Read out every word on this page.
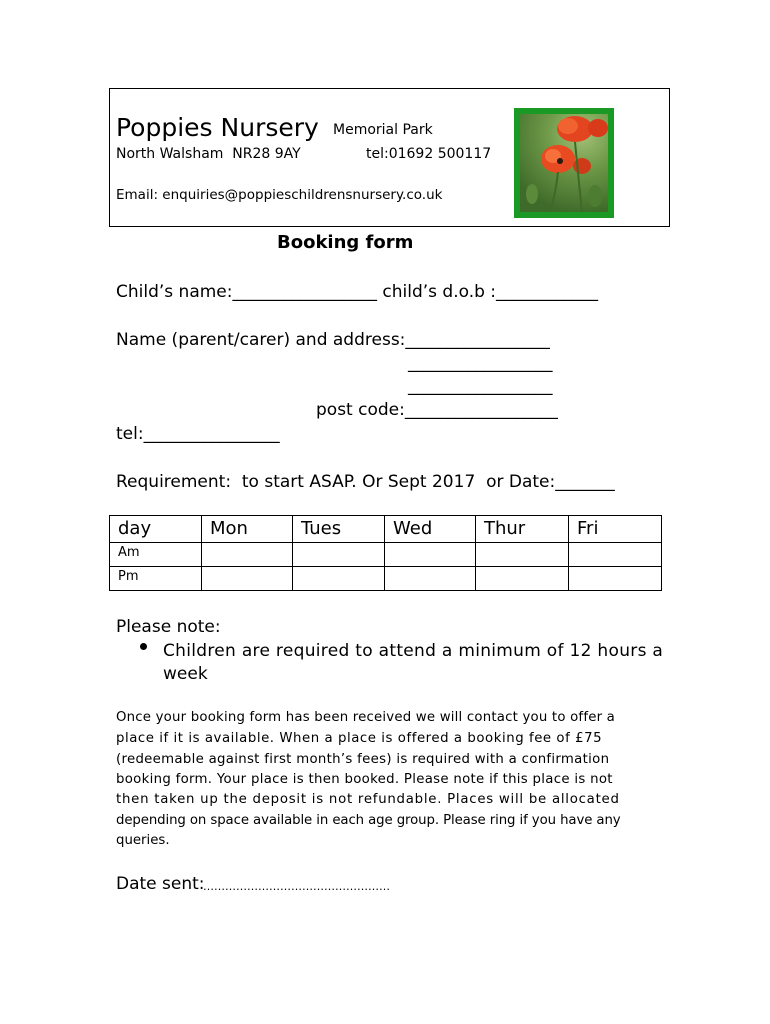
Poppies Nursery Memorial Park
North Walsham  NR28 9AY	tel:01692 500117
Email: enquiries@poppieschildrensnursery.co.uk
Booking form
Child’s name:_________________ child’s d.o.b :____________
Name (parent/carer) and address:_________________
_________________
_________________
post code:__________________
tel:________________
Requirement:  to start ASAP. Or Sept 2017  or Date:_______
day	Mon	Tues	Wed	Thur	Fri
Am					
Pm					
Please note:
Children are required to attend a minimum of 12 hours a
week
Once your booking form has been received we will contact you to offer a
place if it is available. When a place is offered a booking fee of £75
(redeemable against first month’s fees) is required with a confirmation
booking form. Your place is then booked. Please note if this place is not
then taken up the deposit is not refundable. Places will be allocated
depending on space available in each age group. Please ring if you have any
queries.
Date sent:
……………………………………………
